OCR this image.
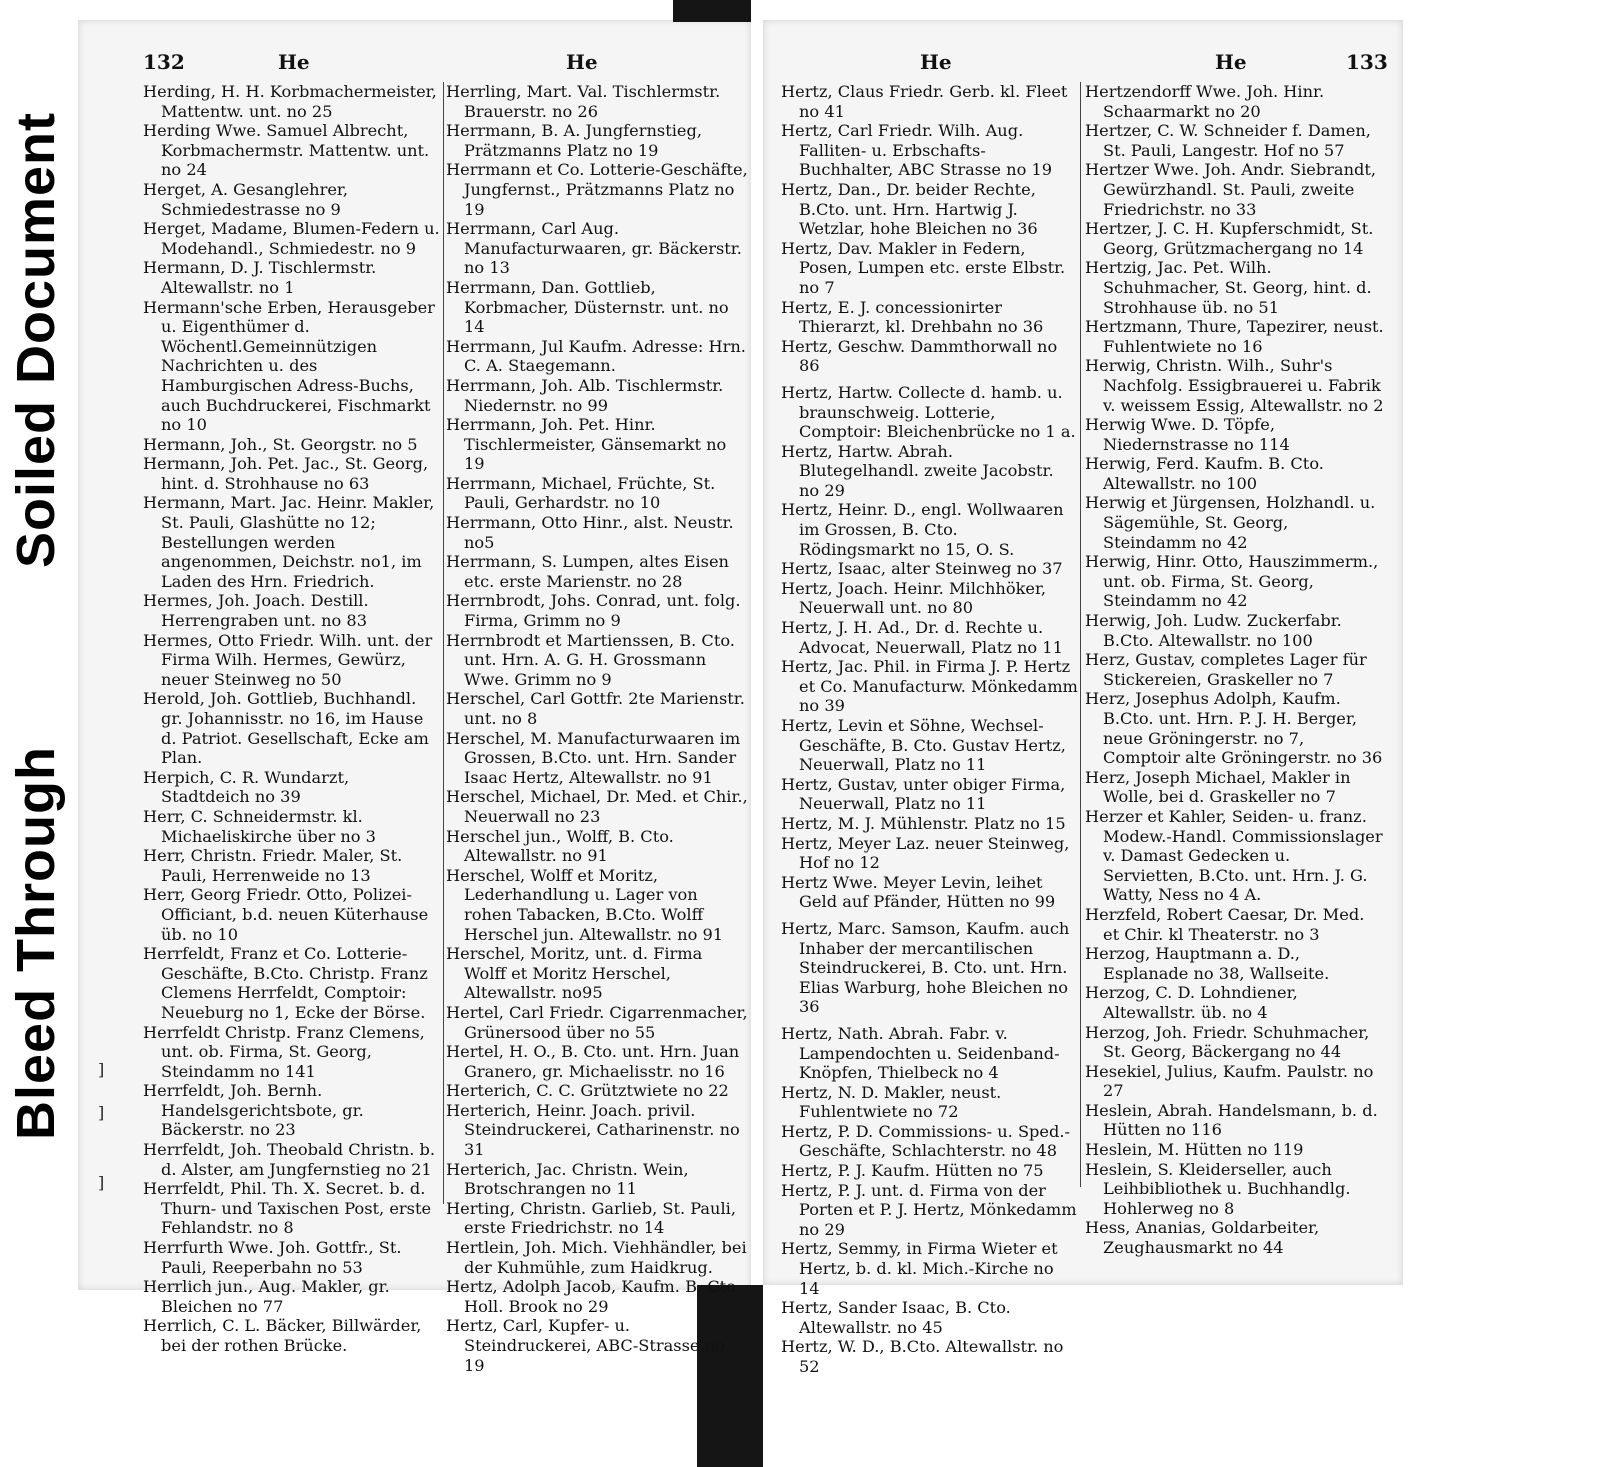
Soiled Document
Bleed Through
132	He	He	He	He	133
]
]
]

Herding, H. H. Korbmachermeister, Mattentw. unt. no 25

Herding Wwe. Samuel Albrecht, Korbmachermstr. Mattentw. unt. no 24

Herget, A. Gesanglehrer, Schmiedestrasse no 9

Herget, Madame, Blumen-Federn u. Modehandl., Schmiedestr. no 9

Hermann, D. J. Tischlermstr. Altewallstr. no 1

Hermann'sche Erben, Herausgeber u. Eigenthümer d. Wöchentl.Gemeinnützigen Nachrichten u. des Hamburgischen Adress-Buchs, auch Buchdruckerei, Fischmarkt no 10

Hermann, Joh., St. Georgstr. no 5

Hermann, Joh. Pet. Jac., St. Georg, hint. d. Strohhause no 63

Hermann, Mart. Jac. Heinr. Makler, St. Pauli, Glashütte no 12; Bestellungen werden angenommen, Deichstr. no1, im Laden des Hrn. Friedrich.

Hermes, Joh. Joach. Destill. Herrengraben unt. no 83

Hermes, Otto Friedr. Wilh. unt. der Firma Wilh. Hermes, Gewürz, neuer Steinweg no 50

Herold, Joh. Gottlieb, Buchhandl. gr. Johannisstr. no 16, im Hause d. Patriot. Gesellschaft, Ecke am Plan.

Herpich, C. R. Wundarzt, Stadtdeich no 39

Herr, C. Schneidermstr. kl. Michaeliskirche über no 3

Herr, Christn. Friedr. Maler, St. Pauli, Herrenweide no 13

Herr, Georg Friedr. Otto, Polizei-Officiant, b.d. neuen Küterhause üb. no 10

Herrfeldt, Franz et Co. Lotterie-Geschäfte, B.Cto. Christp. Franz Clemens Herrfeldt, Comptoir: Neueburg no 1, Ecke der Börse.

Herrfeldt Christp. Franz Clemens, unt. ob. Firma, St. Georg, Steindamm no 141

Herrfeldt, Joh. Bernh. Handelsgerichtsbote, gr. Bäckerstr. no 23

Herrfeldt, Joh. Theobald Christn. b. d. Alster, am Jungfernstieg no 21

Herrfeldt, Phil. Th. X. Secret. b. d. Thurn- und Taxischen Post, erste Fehlandstr. no 8

Herrfurth Wwe. Joh. Gottfr., St. Pauli, Reeperbahn no 53

Herrlich jun., Aug. Makler, gr. Bleichen no 77

Herrlich, C. L. Bäcker, Billwärder, bei der rothen Brücke.

Herrling, Mart. Val. Tischlermstr. Brauerstr. no 26

Herrmann, B. A. Jungfernstieg, Prätzmanns Platz no 19

Herrmann et Co. Lotterie-Geschäfte, Jungfernst., Prätzmanns Platz no 19

Herrmann, Carl Aug. Manufacturwaaren, gr. Bäckerstr. no 13

Herrmann, Dan. Gottlieb, Korbmacher, Düsternstr. unt. no 14

Herrmann, Jul Kaufm. Adresse: Hrn. C. A. Staegemann.

Herrmann, Joh. Alb. Tischlermstr. Niedernstr. no 99

Herrmann, Joh. Pet. Hinr. Tischlermeister, Gänsemarkt no 19

Herrmann, Michael, Früchte, St. Pauli, Gerhardstr. no 10

Herrmann, Otto Hinr., alst. Neustr. no5

Herrmann, S. Lumpen, altes Eisen etc. erste Marienstr. no 28

Herrnbrodt, Johs. Conrad, unt. folg. Firma, Grimm no 9

Herrnbrodt et Martienssen, B. Cto. unt. Hrn. A. G. H. Grossmann Wwe. Grimm no 9

Herschel, Carl Gottfr. 2te Marienstr. unt. no 8

Herschel, M. Manufacturwaaren im Grossen, B.Cto. unt. Hrn. Sander Isaac Hertz, Altewallstr. no 91

Herschel, Michael, Dr. Med. et Chir., Neuerwall no 23

Herschel jun., Wolff, B. Cto. Altewallstr. no 91

Herschel, Wolff et Moritz, Lederhandlung u. Lager von rohen Tabacken, B.Cto. Wolff Herschel jun. Altewallstr. no 91

Herschel, Moritz, unt. d. Firma Wolff et Moritz Herschel, Altewallstr. no95

Hertel, Carl Friedr. Cigarrenmacher, Grünersood über no 55

Hertel, H. O., B. Cto. unt. Hrn. Juan Granero, gr. Michaelisstr. no 16

Herterich, C. C. Grütztwiete no 22

Herterich, Heinr. Joach. privil. Steindruckerei, Catharinenstr. no 31

Herterich, Jac. Christn. Wein, Brotschrangen no 11

Herting, Christn. Garlieb, St. Pauli, erste Friedrichstr. no 14

Hertlein, Joh. Mich. Viehhändler, bei der Kuhmühle, zum Haidkrug.

Hertz, Adolph Jacob, Kaufm. B. Cto. Holl. Brook no 29

Hertz, Carl, Kupfer- u. Steindruckerei, ABC-Strasse no 19

Hertz, Claus Friedr. Gerb. kl. Fleet no 41

Hertz, Carl Friedr. Wilh. Aug. Falliten- u. Erbschafts-Buchhalter, ABC Strasse no 19

Hertz, Dan., Dr. beider Rechte, B.Cto. unt. Hrn. Hartwig J. Wetzlar, hohe Bleichen no 36

Hertz, Dav. Makler in Federn, Posen, Lumpen etc. erste Elbstr. no 7

Hertz, E. J. concessionirter Thierarzt, kl. Drehbahn no 36

Hertz, Geschw. Dammthorwall no 86

Hertz, Hartw. Collecte d. hamb. u. braunschweig. Lotterie, Comptoir: Bleichenbrücke no 1 a.

Hertz, Hartw. Abrah. Blutegelhandl. zweite Jacobstr. no 29

Hertz, Heinr. D., engl. Wollwaaren im Grossen, B. Cto. Rödingsmarkt no 15, O. S.

Hertz, Isaac, alter Steinweg no 37

Hertz, Joach. Heinr. Milchhöker, Neuerwall unt. no 80

Hertz, J. H. Ad., Dr. d. Rechte u. Advocat, Neuerwall, Platz no 11

Hertz, Jac. Phil. in Firma J. P. Hertz et Co. Manufacturw. Mönkedamm no 39

Hertz, Levin et Söhne, Wechsel-Geschäfte, B. Cto. Gustav Hertz, Neuerwall, Platz no 11

Hertz, Gustav, unter obiger Firma, Neuerwall, Platz no 11

Hertz, M. J. Mühlenstr. Platz no 15

Hertz, Meyer Laz. neuer Steinweg, Hof no 12

Hertz Wwe. Meyer Levin, leihet Geld auf Pfänder, Hütten no 99

Hertz, Marc. Samson, Kaufm. auch Inhaber der mercantilischen Steindruckerei, B. Cto. unt. Hrn. Elias Warburg, hohe Bleichen no 36

Hertz, Nath. Abrah. Fabr. v. Lampendochten u. Seidenband-Knöpfen, Thielbeck no 4

Hertz, N. D. Makler, neust. Fuhlentwiete no 72

Hertz, P. D. Commissions- u. Sped.-Geschäfte, Schlachterstr. no 48

Hertz, P. J. Kaufm. Hütten no 75

Hertz, P. J. unt. d. Firma von der Porten et P. J. Hertz, Mönkedamm no 29

Hertz, Semmy, in Firma Wieter et Hertz, b. d. kl. Mich.-Kirche no 14

Hertz, Sander Isaac, B. Cto. Altewallstr. no 45

Hertz, W. D., B.Cto. Altewallstr. no 52

Hertzendorff Wwe. Joh. Hinr. Schaarmarkt no 20

Hertzer, C. W. Schneider f. Damen, St. Pauli, Langestr. Hof no 57

Hertzer Wwe. Joh. Andr. Siebrandt, Gewürzhandl. St. Pauli, zweite Friedrichstr. no 33

Hertzer, J. C. H. Kupferschmidt, St. Georg, Grützmachergang no 14

Hertzig, Jac. Pet. Wilh. Schuhmacher, St. Georg, hint. d. Strohhause üb. no 51

Hertzmann, Thure, Tapezirer, neust. Fuhlentwiete no 16

Herwig, Christn. Wilh., Suhr's Nachfolg. Essigbrauerei u. Fabrik v. weissem Essig, Altewallstr. no 2

Herwig Wwe. D. Töpfe, Niedernstrasse no 114

Herwig, Ferd. Kaufm. B. Cto. Altewallstr. no 100

Herwig et Jürgensen, Holzhandl. u. Sägemühle, St. Georg, Steindamm no 42

Herwig, Hinr. Otto, Hauszimmerm., unt. ob. Firma, St. Georg, Steindamm no 42

Herwig, Joh. Ludw. Zuckerfabr. B.Cto. Altewallstr. no 100

Herz, Gustav, completes Lager für Stickereien, Graskeller no 7

Herz, Josephus Adolph, Kaufm. B.Cto. unt. Hrn. P. J. H. Berger, neue Gröningerstr. no 7, Comptoir alte Gröningerstr. no 36

Herz, Joseph Michael, Makler in Wolle, bei d. Graskeller no 7

Herzer et Kahler, Seiden- u. franz. Modew.-Handl. Commissionslager v. Damast Gedecken u. Servietten, B.Cto. unt. Hrn. J. G. Watty, Ness no 4 A.

Herzfeld, Robert Caesar, Dr. Med. et Chir. kl Theaterstr. no 3

Herzog, Hauptmann a. D., Esplanade no 38, Wallseite.

Herzog, C. D. Lohndiener, Altewallstr. üb. no 4

Herzog, Joh. Friedr. Schuhmacher, St. Georg, Bäckergang no 44

Hesekiel, Julius, Kaufm. Paulstr. no 27

Heslein, Abrah. Handelsmann, b. d. Hütten no 116

Heslein, M. Hütten no 119

Heslein, S. Kleiderseller, auch Leihbibliothek u. Buchhandlg. Hohlerweg no 8

Hess, Ananias, Goldarbeiter, Zeughausmarkt no 44
